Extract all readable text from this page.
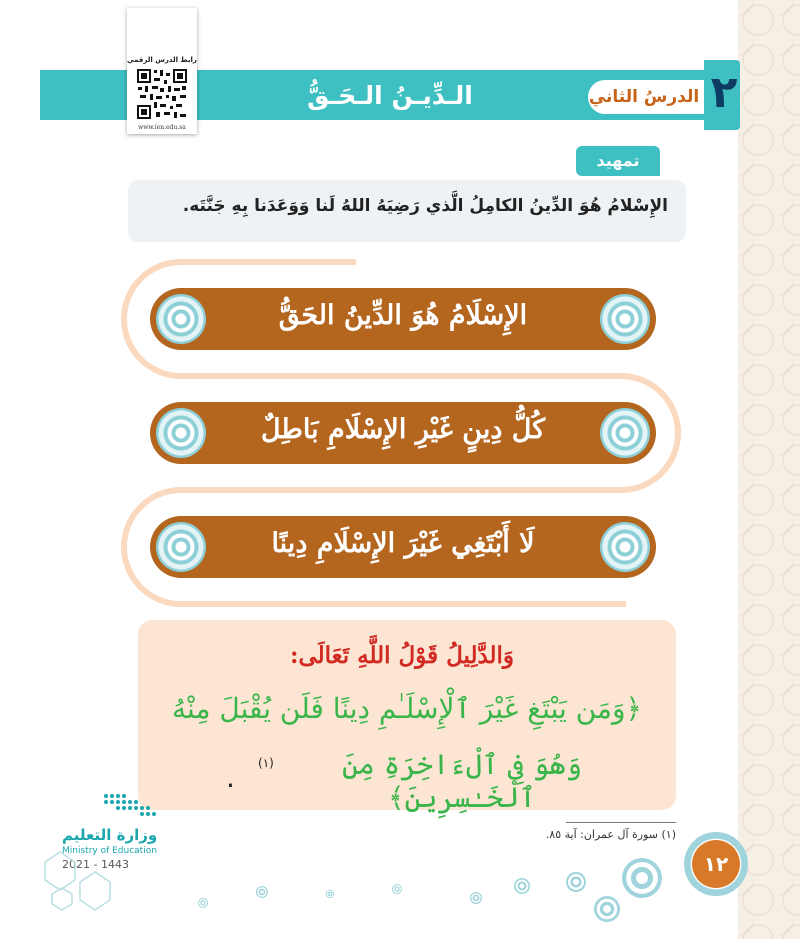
٢
الدرسُ الثاني
الـدِّيـنُ الـحَـقُّ
رابط الدرس الرقمي
www.ien.edu.sa
تمهيد
الإِسْلامُ هُوَ الدِّينُ الكامِلُ الَّذي رَضِيَهُ اللهُ لَنا وَوَعَدَنا بِهِ جَنَّتَه.
الإِسْلَامُ هُوَ الدِّينُ الحَقُّ
كُلُّ دِينٍ غَيْرِ الإِسْلَامِ بَاطِلٌ
لَا أَبْتَغِي غَيْرَ الإِسْلَامِ دِينًا
وَالدَّلِيلُ قَوْلُ اللَّهِ تَعَالَى:
﴿وَمَن يَبْتَغِ غَيْرَ ٱلْإِسْلَـٰمِ دِينًا فَلَن يُقْبَلَ مِنْهُ
وَهُوَ فِى ٱلْءَاخِرَةِ مِنَ ٱلْخَـٰسِرِينَ﴾
(١)
.
(١) سورة آل عمران: آية ٨٥.
١٢
وزارة التعليم
Ministry of Education
2021 - 1443
